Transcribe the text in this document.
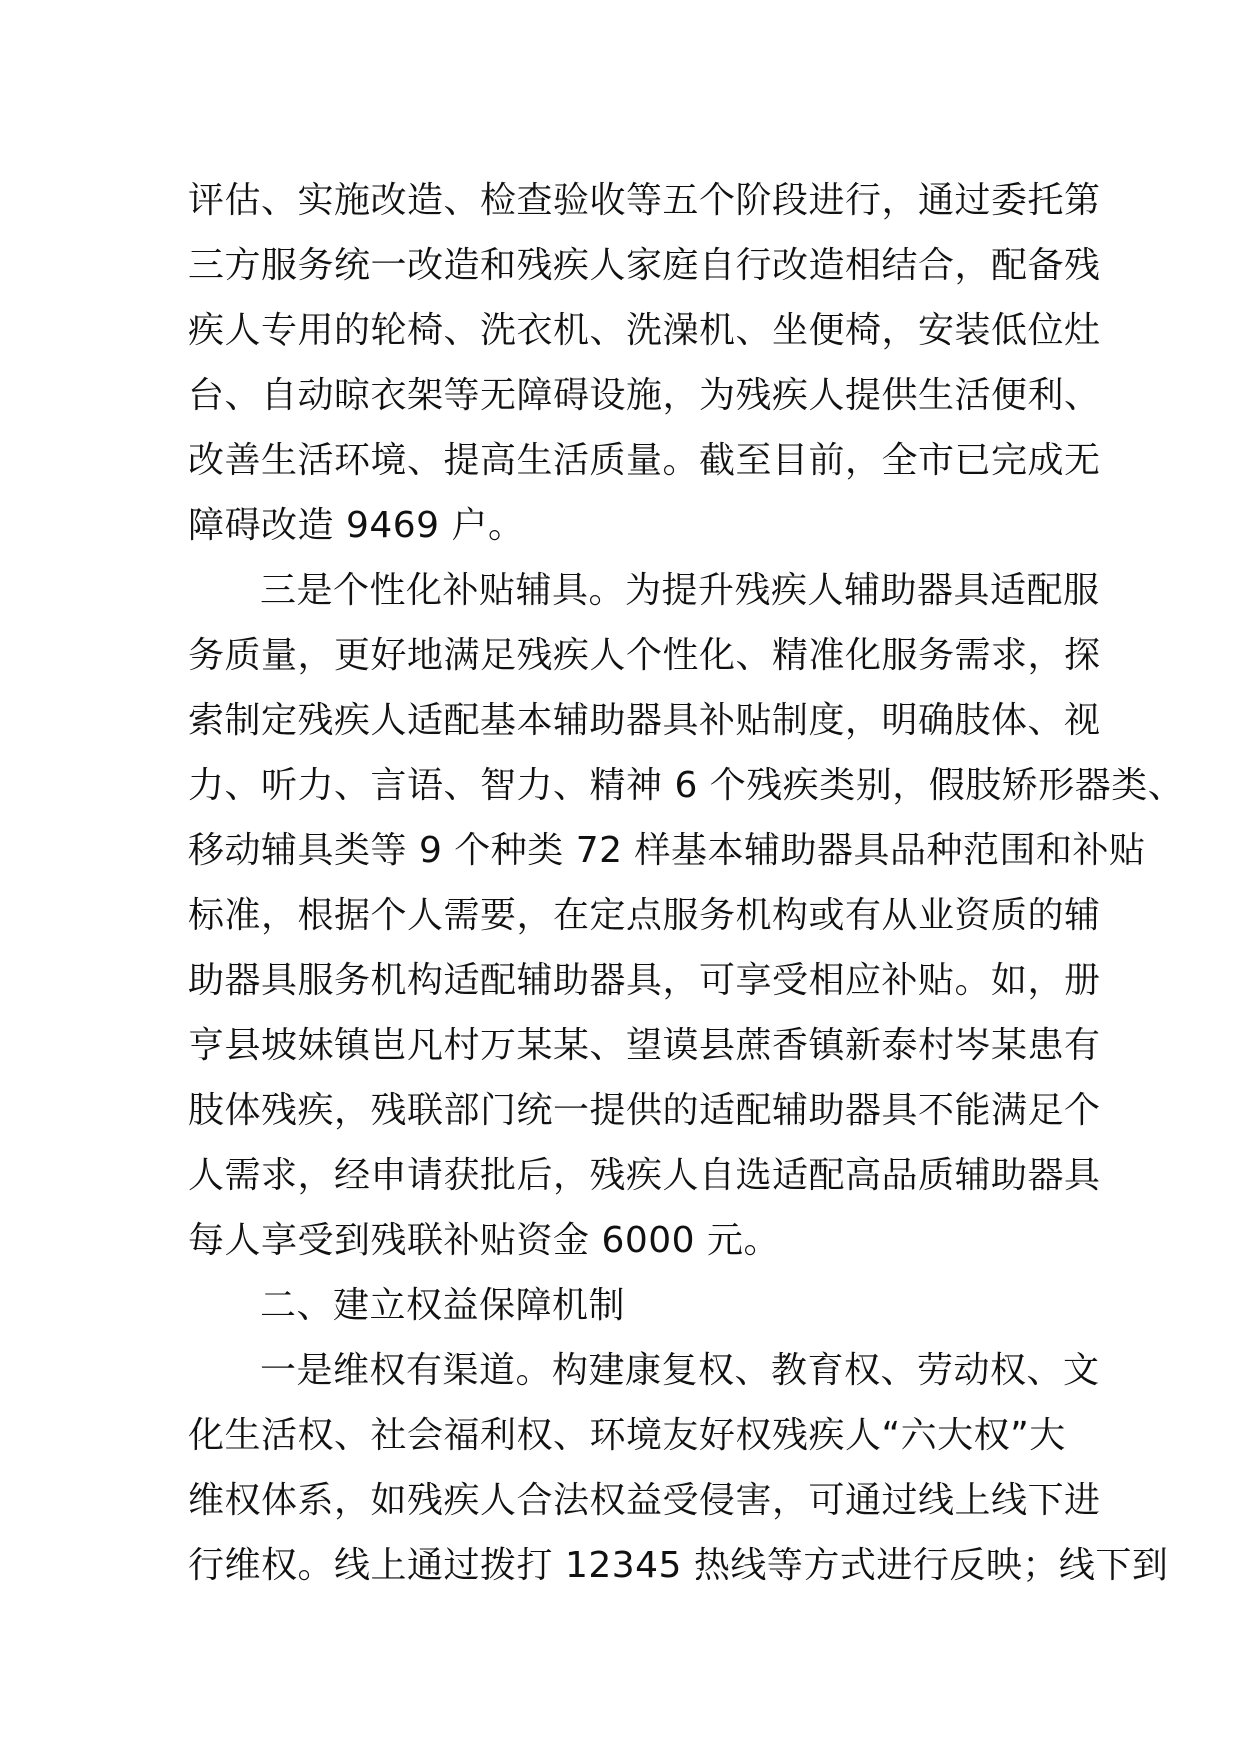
评估、实施改造、检查验收等五个阶段进行，通过委托第
三方服务统一改造和残疾人家庭自行改造相结合，配备残
疾人专用的轮椅、洗衣机、洗澡机、坐便椅，安装低位灶
台、自动晾衣架等无障碍设施，为残疾人提供生活便利、
改善生活环境、提高生活质量。截至目前，全市已完成无
障碍改造 9469 户。
三是个性化补贴辅具。为提升残疾人辅助器具适配服
务质量，更好地满足残疾人个性化、精准化服务需求，探
索制定残疾人适配基本辅助器具补贴制度，明确肢体、视
力、听力、言语、智力、精神 6 个残疾类别，假肢矫形器类、
移动辅具类等 9 个种类 72 样基本辅助器具品种范围和补贴
标准，根据个人需要，在定点服务机构或有从业资质的辅
助器具服务机构适配辅助器具，可享受相应补贴。如，册
亨县坡妹镇岜凡村万某某、望谟县蔗香镇新泰村岑某患有
肢体残疾，残联部门统一提供的适配辅助器具不能满足个
人需求，经申请获批后，残疾人自选适配高品质辅助器具
每人享受到残联补贴资金 6000 元。
二、建立权益保障机制
一是维权有渠道。构建康复权、教育权、劳动权、文
化生活权、社会福利权、环境友好权残疾人“六大权”大
维权体系，如残疾人合法权益受侵害，可通过线上线下进
行维权。线上通过拨打 12345 热线等方式进行反映；线下到
